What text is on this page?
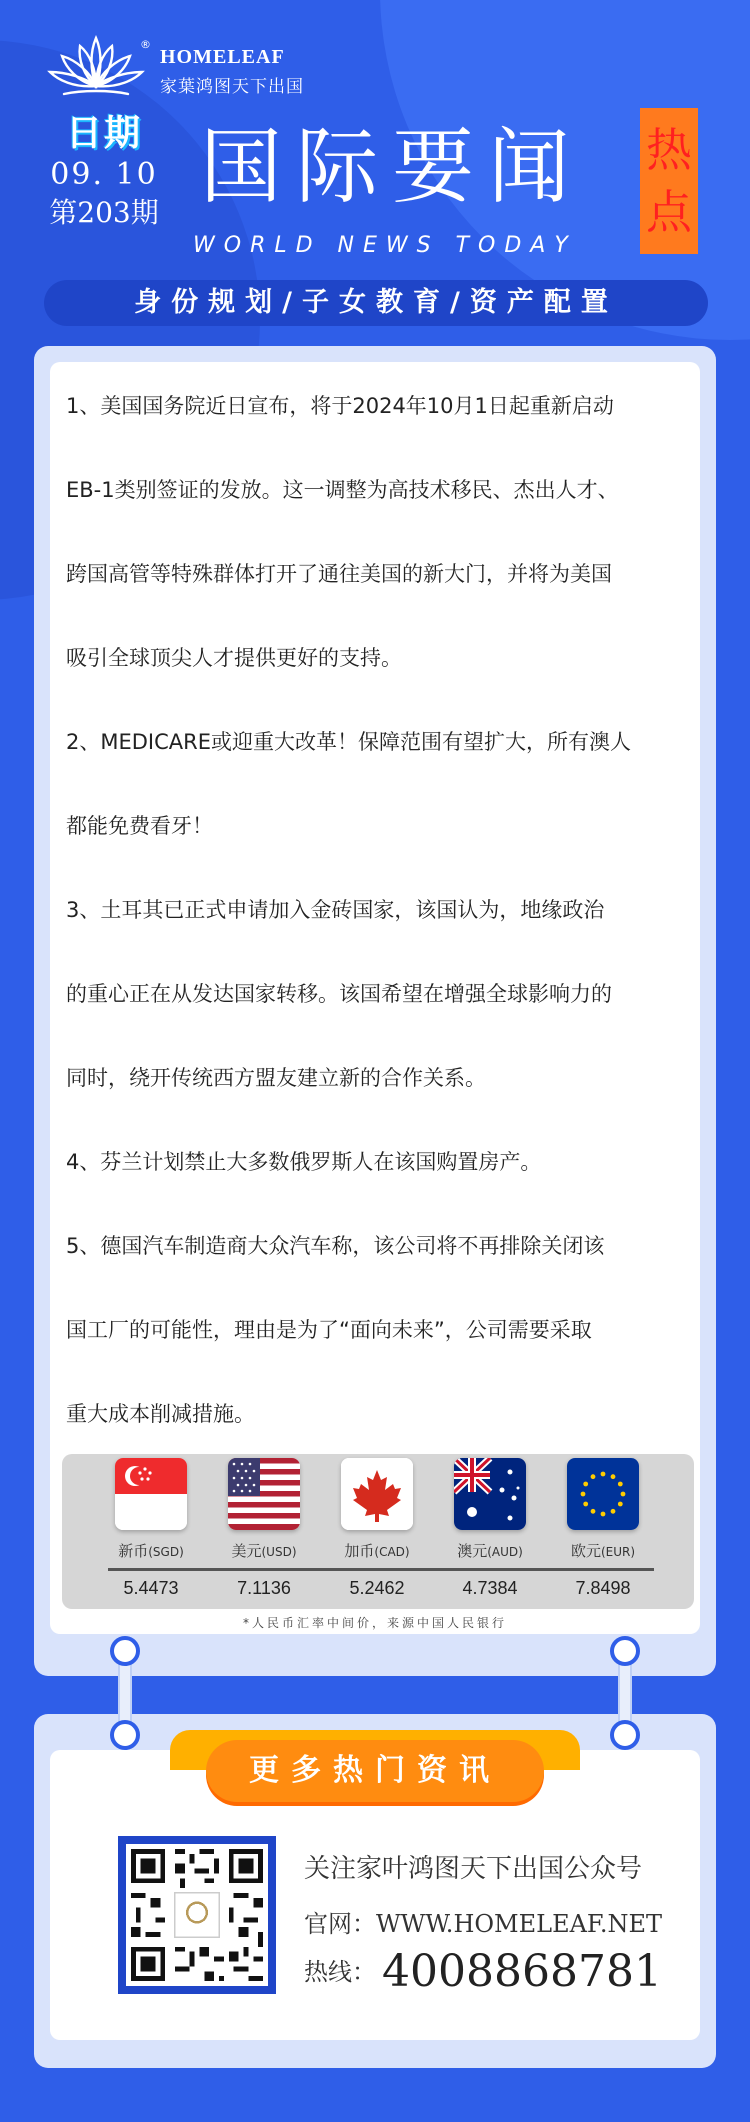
®
HOMELEAF
家葉鸿图天下出国
日期
09. 10
第203期 国际要闻
WORLD NEWS TODAY
热
点
身份规划/子女教育/资产配置
1、美国国务院近日宣布，将于2024年10月1日起重新启动
EB-1类别签证的发放。这一调整为高技术移民、杰出人才、
跨国高管等特殊群体打开了通往美国的新大门，并将为美国
吸引全球顶尖人才提供更好的支持。
2、MEDICARE或迎重大改革！保障范围有望扩大，所有澳人
都能免费看牙！
3、土耳其已正式申请加入金砖国家，该国认为，地缘政治
的重心正在从发达国家转移。该国希望在增强全球影响力的
同时，绕开传统西方盟友建立新的合作关系。
4、芬兰计划禁止大多数俄罗斯人在该国购置房产。
5、德国汽车制造商大众汽车称，该公司将不再排除关闭该
国工厂的可能性，理由是为了“面向未来”，公司需要采取
重大成本削减措施。
新币(SGD)	美元(USD)	加币(CAD)	澳元(AUD)	欧元(EUR)
5.4473	7.1136	5.2462	4.7384	7.8498
*人民币汇率中间价，来源中国人民银行
更多热门资讯
关注家叶鸿图天下出国公众号
官网：WWW.HOMELEAF.NET
热线： 4008868781
